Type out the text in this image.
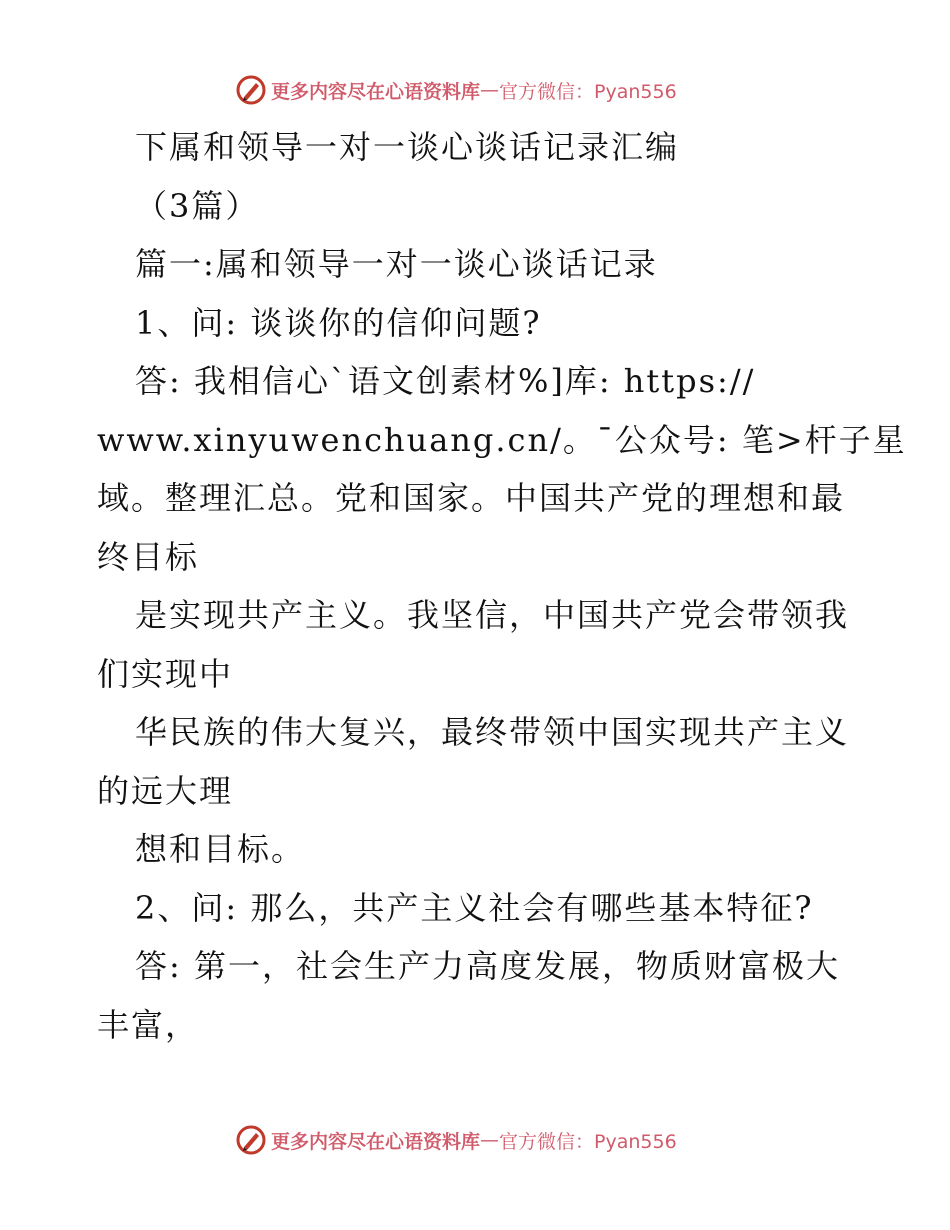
更多内容尽在心语资料库 — 官方微信：Pyan556

下属和领导一对一谈心谈话记录汇编

（3篇）

篇一:属和领导一对一谈心谈话记录

1、问: 谈谈你的信仰问题?

答: 我相信心`语文创素材%]库: https://

www.xinyuwenchuang.cn/。¯公众号: 笔>杆子星

域。整理汇总。党和国家。中国共产党的理想和最

终目标

是实现共产主义。我坚信，中国共产党会带领我

们实现中

华民族的伟大复兴，最终带领中国实现共产主义

的远大理

想和目标。

2、问: 那么，共产主义社会有哪些基本特征?

答: 第一，社会生产力高度发展，物质财富极大

丰富，

更多内容尽在心语资料库 — 官方微信：Pyan556
